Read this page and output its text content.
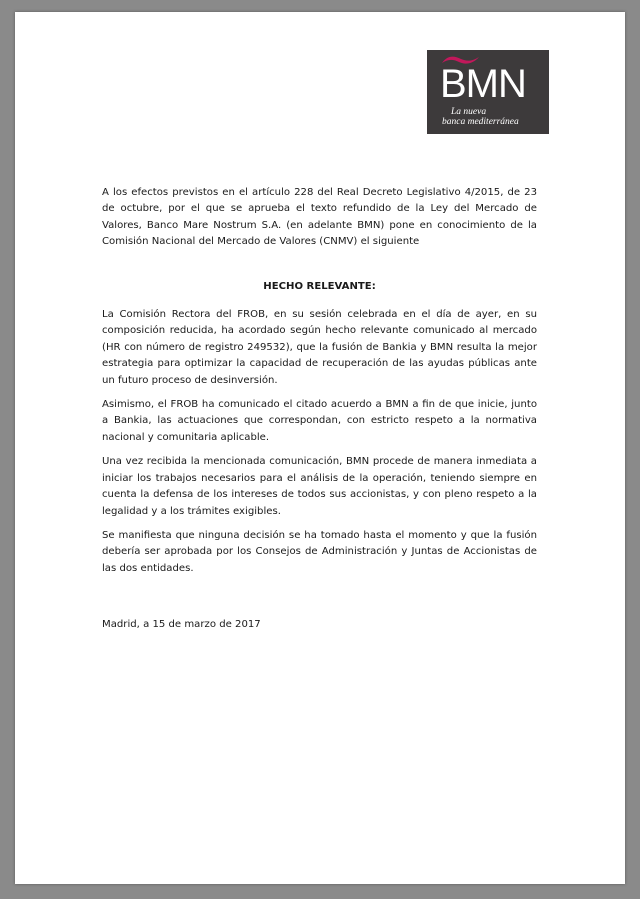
BMN
La nueva
banca mediterránea

A los efectos previstos en el artículo 228 del Real Decreto Legislativo 4/2015, de 23 de octubre, por el que se aprueba el texto refundido de la Ley del Mercado de Valores, Banco Mare Nostrum S.A. (en adelante BMN) pone en conocimiento de la Comisión Nacional del Mercado de Valores (CNMV) el siguiente

HECHO RELEVANTE:

La Comisión Rectora del FROB, en su sesión celebrada en el día de ayer, en su composición reducida, ha acordado según hecho relevante comunicado al mercado (HR con número de registro 249532), que la fusión de Bankia y BMN resulta la mejor estrategia para optimizar la capacidad de recuperación de las ayudas públicas ante un futuro proceso de desinversión.

Asimismo, el FROB ha comunicado el citado acuerdo a BMN a fin de que inicie, junto a Bankia, las actuaciones que correspondan, con estricto respeto a la normativa nacional y comunitaria aplicable.

Una vez recibida la mencionada comunicación, BMN procede de manera inmediata a iniciar los trabajos necesarios para el análisis de la operación, teniendo siempre en cuenta la defensa de los intereses de todos sus accionistas, y con pleno respeto a la legalidad y a los trámites exigibles.

Se manifiesta que ninguna decisión se ha tomado hasta el momento y que la fusión debería ser aprobada por los Consejos de Administración y Juntas de Accionistas de las dos entidades.

Madrid, a 15 de marzo de 2017
